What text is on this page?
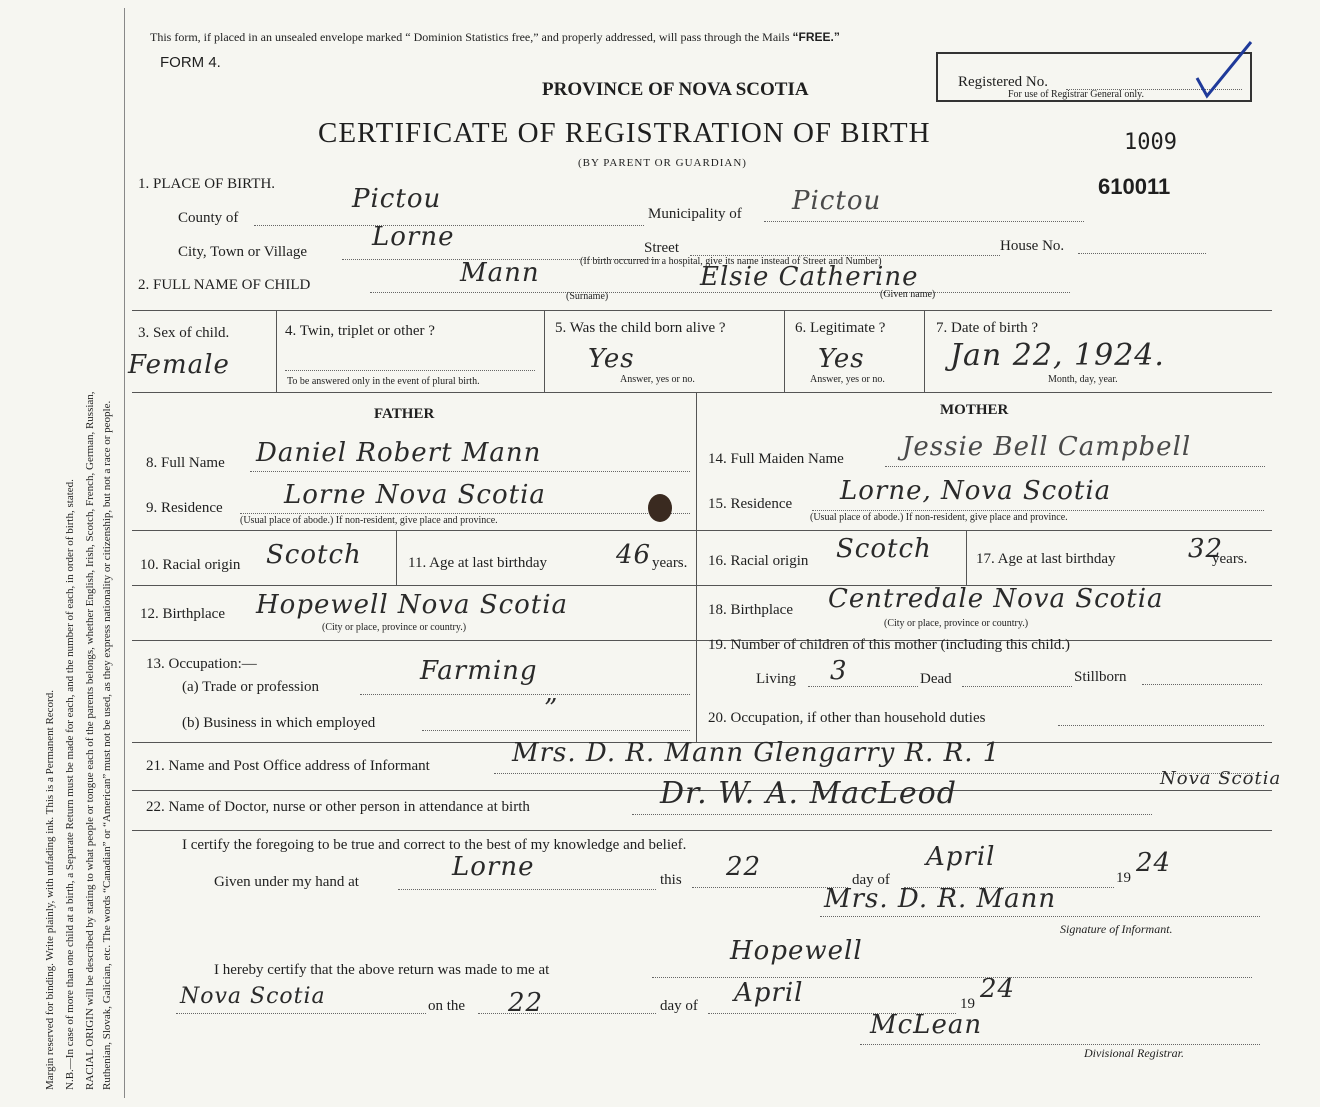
Margin reserved for binding. Write plainly, with unfading ink. This is a Permanent Record. N.B.—In case of more than one child at a birth, a Separate Return must be made for each, and the number of each, in order of birth, stated. RACIAL ORIGIN will be described by stating to what people or tongue each of the parents belongs, whether English, Irish, Scotch, French, German, Russian, Ruthenian, Slovak, Galician, etc. The words “Canadian” or “American” must not be used, as they express nationality or citizenship, but not a race or people.
This form, if placed in an unsealed envelope marked “ Dominion Statistics free,” and properly addressed, will pass through the Mails “FREE.”
FORM 4.
Registered No.
For use of Registrar General only.
PROVINCE OF NOVA SCOTIA
CERTIFICATE OF REGISTRATION OF BIRTH
(BY PARENT OR GUARDIAN)
1009
610011
1. PLACE OF BIRTH.
County of
Pictou	Municipality of Pictou
City, Town or Village Lorne	Street	House No.
(If birth occurred in a hospital, give its name instead of Street and Number)
2. FULL NAME OF CHILD	Mann	Elsie Catherine
(Surname)	(Given name)
3. Sex of child.
Female
4. Twin, triplet or other ?
To be answered only in the event of plural birth.
5. Was the child born alive ?
Yes
Answer, yes or no.
6. Legitimate ?
Yes
Answer, yes or no.
7. Date of birth ?
Jan 22, 1924.
Month, day, year.
FATHER	MOTHER
8. Full Name Daniel Robert Mann
9. Residence Lorne Nova Scotia
(Usual place of abode.) If non-resident, give place and province.
10. Racial origin Scotch	11. Age at last birthday	46 years.
12. Birthplace Hopewell Nova Scotia
(City or place, province or country.)
13. Occupation:—
(a) Trade or profession
Farming
(b) Business in which employed	”
14. Full Maiden Name Jessie Bell Campbell
15. Residence Lorne, Nova Scotia
(Usual place of abode.) If non-resident, give place and province.
16. Racial origin Scotch	17. Age at last birthday	32
years.
18. Birthplace Centredale Nova Scotia
(City or place, province or country.)
19. Number of children of this mother (including this child.)
Living 3	Dead	Stillborn
20. Occupation, if other than household duties
21. Name and Post Office address of Informant	Mrs. D. R. Mann Glengarry R. R. 1
Nova Scotia
22. Name of Doctor, nurse or other person in attendance at birth	Dr. W. A. MacLeod
I certify the foregoing to be true and correct to the best of my knowledge and belief.
Given under my hand at	Lorne	this 22	day of
April
19 24
Mrs. D. R. Mann
Signature of Informant.
I hereby certify that the above return was made to me at
Hopewell
Nova Scotia	on the 22	day of April	19 24
McLean
Divisional Registrar.
